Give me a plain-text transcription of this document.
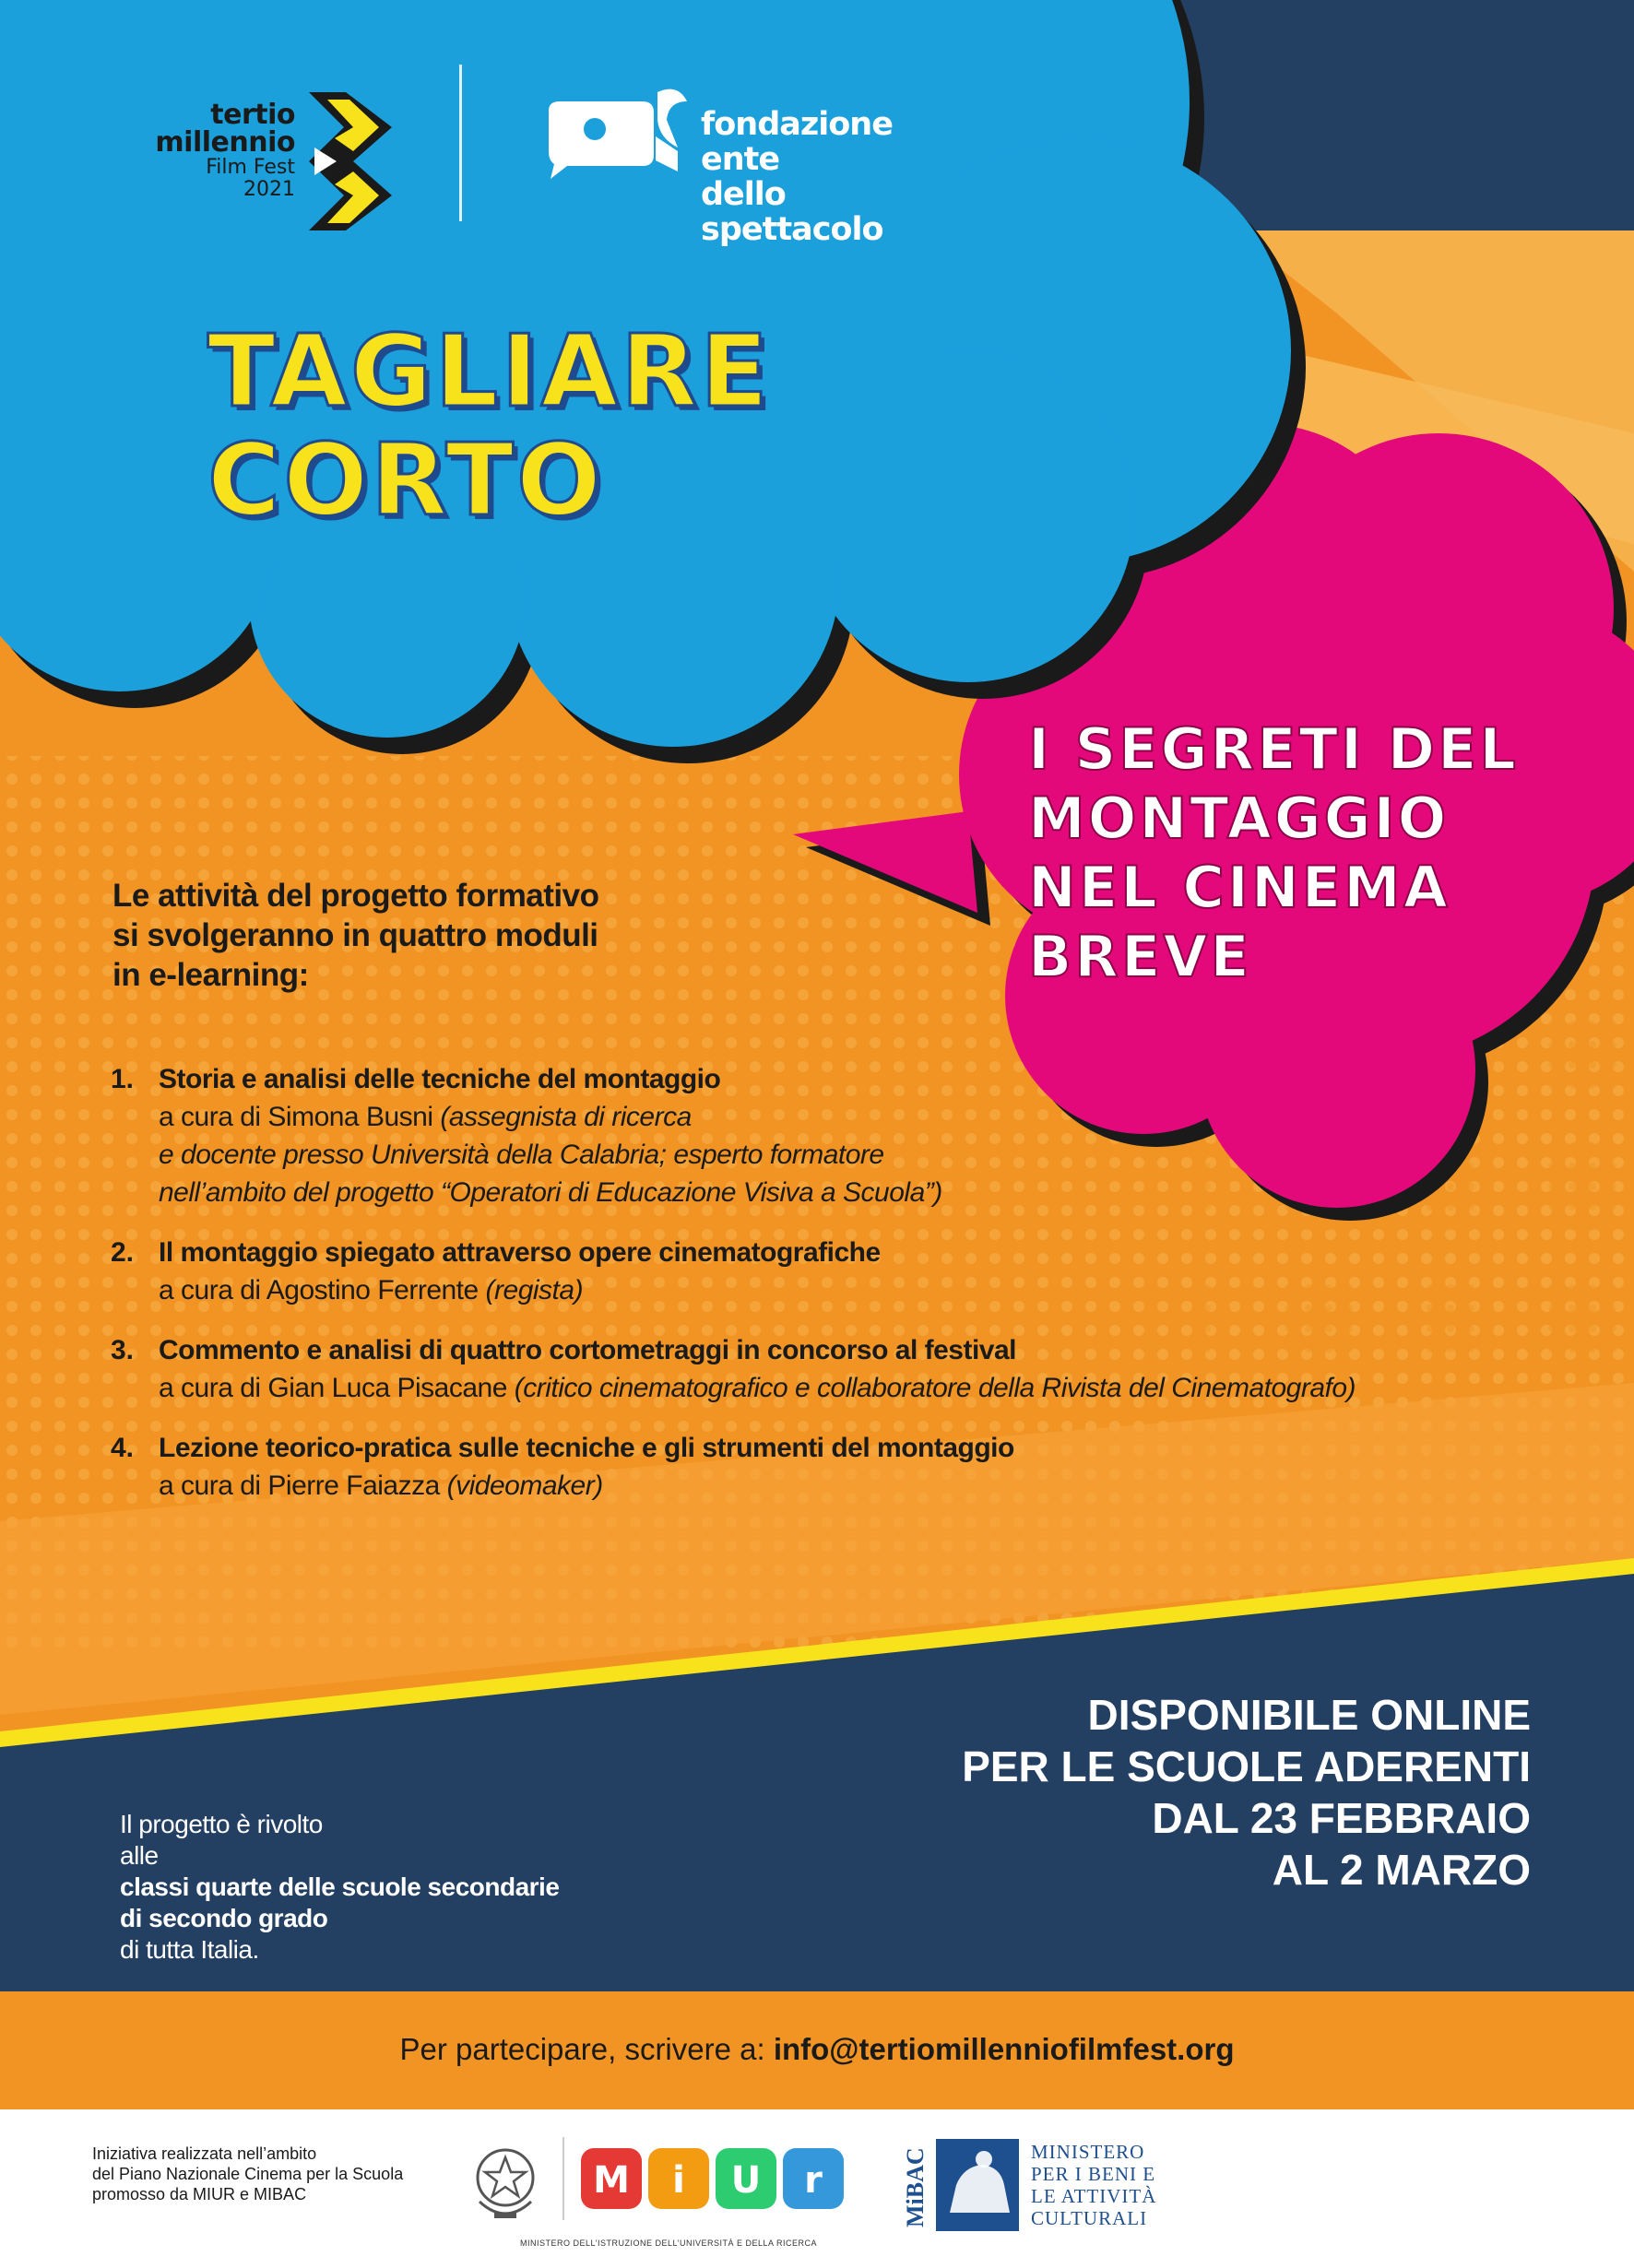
tertio
millennio
Film Fest
2021
fondazione ente
dello spettacolo
TAGLIARE
CORTO
I SEGRETI DEL
MONTAGGIO
NEL CINEMA
BREVE
Le attività del progetto formativo
si svolgeranno in quattro moduli
in e-learning:
1. Storia e analisi delle tecniche del montaggio
a cura di Simona Busni (assegnista di ricerca
e docente presso Università della Calabria; esperto formatore
nell’ambito del progetto “Operatori di Educazione Visiva a Scuola”)
2. Il montaggio spiegato attraverso opere cinematografiche
a cura di Agostino Ferrente (regista)
3. Commento e analisi di quattro cortometraggi in concorso al festival
a cura di Gian Luca Pisacane (critico cinematografico e collaboratore della Rivista del Cinematografo)
4. Lezione teorico-pratica sulle tecniche e gli strumenti del montaggio
a cura di Pierre Faiazza (videomaker)
DISPONIBILE ONLINE
PER LE SCUOLE ADERENTI
DAL 23 FEBBRAIO
AL 2 MARZO
Il progetto è rivolto
alle
classi quarte delle scuole secondarie
di secondo grado
di tutta Italia.
Per partecipare, scrivere a: info@tertiomillenniofilmfest.org
Iniziativa realizzata nell’ambito
del Piano Nazionale Cinema per la Scuola
promosso da MIUR e MIBAC	M i U r
MINISTERO DELL’ISTRUZIONE DELL’UNIVERSITÀ E DELLA RICERCA
MiBAC	MINISTERO
PER I BENI E
LE ATTIVITÀ
CULTURALI
